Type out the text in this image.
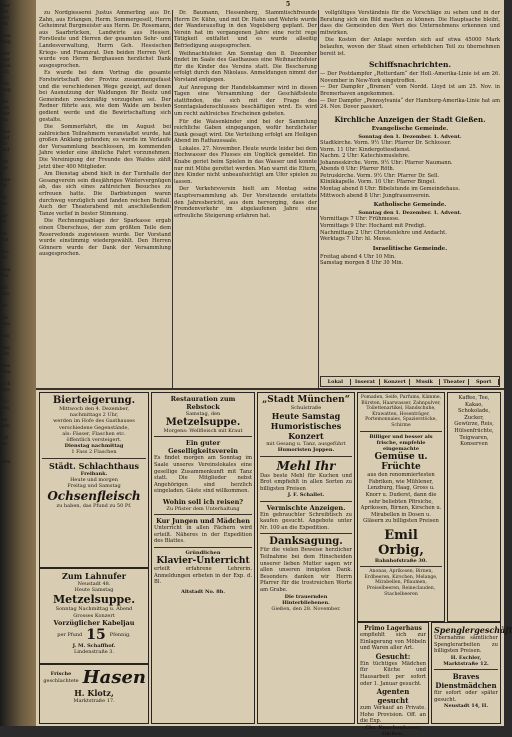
ner
sei
ust
lhl

nen
mig

der
ber
ühe
ich

ine
ung

Be-
hm
ohr
nn

bes
ind
al-
ind

eit
ge

che
ilt

In
ra

ar-
in

Di
rin

Ro-
uf-

hen
tte

rd
ibe

ar-

jte
ons

ein

hec
ein

nes
lem

uch
ges

Ui-
ien

ve
ern

igt
er-

-
den
5

zu Nordgiesserei Justus Ammerling aus Dr. Zahn, aus Erlangen, Herm. Sommergesell, Herrn Geheimrat Burgmeister aus Herm. Dr. Rosemann, aus Saarbrücken, Landwirte aus Hessen, Forstleute und Herren der gesamten Sehr- und Landesverwaltung, Herrn Geh. Hessischen Kriegs- und Finanzrat. Den beiden Herren Verf. wurde von Herrn Berghausen herzlichst Dank ausgesprochen.

Es wurde bei dem Vortrag die gesamte Forstwirtschaft der Provinz zusammengefasst und die verschiedenen Wege gezeigt, auf denen bei Ausnutzung der Waldungen für Besitz und Gemeinden zweckmäßig vorzugehen sei. Der Redner führte aus, wie dem Walde am besten gedient werde und die Bewirtschaftung sich gestalte.

Die Sommerfahrt, die im August bei zahlreichen Teilnehmern veranstaltet wurde, hat großen Anklang gefunden; es wurde im Verlaufe der Versammlung beschlossen, im kommenden Jahre wieder eine ähnliche Fahrt vorzunehmen. Die Vereinigung der Freunde des Waldes zählt jetzt über 400 Mitglieder.

Am Dienstag abend hielt in der Turnhalle der Gesangverein sein diesjähriges Wintervergnügen ab, das sich eines zahlreichen Besuches zu erfreuen hatte. Die Darbietungen waren durchweg vorzüglich und fanden reichen Beifall. Auch der Theaterabend mit anschließendem Tanze verlief in bester Stimmung.

Die Rechnungsablage der Sparkasse ergab einen Überschuss, der zum größten Teile dem Reservefonds zugewiesen wurde. Der Vorstand wurde einstimmig wiedergewählt. Den Herren Gönnern wurde der Dank der Versammlung ausgesprochen.

Dr. Baumann, Hessenberg, Stammtischfreunde Herrn Dr. Kühn, und mit Dr. Hahn und Wehrle wurde der Wanderausflug in den Vogelsberg geplant. Der Verein hat im vergangenen Jahre eine recht rege Tätigkeit entfaltet und es wurde allseitig Befriedigung ausgesprochen.

Weihnachtsfeier. Am Sonntag den 8. Dezember findet im Saale des Gasthauses eine Weihnachtsfeier für die Kinder des Vereins statt. Die Bescherung erfolgt durch den Nikolaus. Anmeldungen nimmt der Vorstand entgegen.

Auf Anregung der Handelskammer wird in diesen Tagen eine Versammlung der Geschäftsleute stattfinden, die sich mit der Frage des Sonntagsladenschlusses beschäftigen wird. Es wird um recht zahlreiches Erscheinen gebeten.

Für die Waisenkinder sind bei der Sammlung reichliche Gaben eingegangen, wofür herzlichster Dank gesagt wird. Die Verteilung erfolgt am Heiligen Abend im Rathaussaale.

Lokales. 27. November. Heute wurde leider bei dem Hochwasser des Flusses ein Unglück gemeldet. Ein Knabe geriet beim Spielen in das Wasser und konnte nur mit Mühe gerettet werden. Man warnt die Eltern, ihre Kinder nicht unbeaufsichtigt am Ufer spielen zu lassen.

Der Verkehrsverein hielt am Montag seine Hauptversammlung ab. Der Vorsitzende erstattete den Jahresbericht, aus dem hervorging, dass der Fremdenverkehr im abgelaufenen Jahre eine erfreuliche Steigerung erfahren hat.

vollgültiges Verständnis für die Vorschläge zu sehen und in der Beratung sich ein Bild machen zu können. Die Hauptsache bleibt, dass die Gemeinden den Wert des Unternehmens erkennen und mitwirken.

Die Kosten der Anlage werden sich auf etwa 45000 Mark belaufen, wovon der Staat einen erheblichen Teil zu übernehmen bereit ist.

Schiffsnachrichten.
— Der Postdampfer „Rotterdam“ der Holl.-Amerika-Linie ist am 26. November in New-York eingetroffen.
— Der Dampfer „Bremen“ vom Nordd. Lloyd ist am 25. Nov. in Bremerhaven angekommen.
— Der Dampfer „Pennsylvania“ der Hamburg-Amerika-Linie hat am 24. Nov. Dover passiert.
Kirchliche Anzeigen der Stadt Gießen.
Evangelische Gemeinde.
Sonntag den 1. Dezember. 1. Advent.
Stadtkirche. Vorm. 9½ Uhr: Pfarrer Dr. Schlosser.
Vorm. 11 Uhr: Kindergottesdienst.
Nachm. 2 Uhr: Katechismuslehre.
Johanneskirche. Vorm. 9½ Uhr: Pfarrer Naumann.
Abends 6 Uhr: Pfarrer Röth.
Petruskirche. Vorm. 9½ Uhr: Pfarrer Dr. Sell.
Klinikkapelle. Vorm. 10 Uhr: Pfarrer Bingel.
Montag abend 8 Uhr: Bibelstunde im Gemeindehaus.
Mittwoch abend 8 Uhr: Jungfrauenverein.
Katholische Gemeinde.
Sonntag den 1. Dezember. 1. Advent.
Vormittags 7 Uhr: Frühmesse.
Vormittags 9 Uhr: Hochamt mit Predigt.
Nachmittags 2 Uhr: Christenlehre und Andacht.
Werktags 7 Uhr: hl. Messe.
Israelitische Gemeinde.
Freitag abend 4 Uhr 10 Min.
Samstag morgen 8 Uhr 30 Min.
Lokal	Inserat	Konzert	Musik	Theater	Sport
Bierteigerung.
Mittwoch den 4. Dezember,
nachmittags 2 Uhr,
werden im Hofe des Gasthauses
verschiedene Gegenstände,
als: Fässer, Flaschen etc.
öffentlich versteigert.
Dienstag nachmittag
1 Fass 2 Flaschen
Städt. Schlachthaus
Freibank.
Heute und morgen
Freitag und Samstag
Ochsenfleisch
zu haben, das Pfund zu 50 Pf.
Zum Lahnufer
Neustadt 48.
Heute Samstag
Metzelsuppe.
Sonntag Nachmittag u. Abend
Grosses Konzert
Vorzüglicher Kabeljau
per Pfund 15 Pfennig.
J. M. Schaffhof.
Lindenstraße 3.
Frische
geschlachtete Hasen
H. Klotz,
Marktstraße 17.
Restauration zum Rebstock
Samstag, den
Metzelsuppe.
Morgens: Wellfleisch mit Kraut
Ein guter Geselligkeitsverein
Es findet morgen am Sonntag im Saale unseres Vereinslokales eine gesellige Zusammenkunft mit Tanz statt. Die Mitglieder nebst Angehörigen sind herzlich eingeladen. Gäste sind willkommen.
Wohin soll ich reisen?
Zu Pfister dem Unterhaltung
Kur Jungen und Mädchen
Unterricht in allen Fächern wird erteilt. Näheres in der Expedition des Blattes.
Gründlichen
Klavier-Unterricht
erteilt erfahrene Lehrerin. Anmeldungen erbeten in der Exp. d. Bl.
Altstadt No. 8b.
„Stadt München“
Schulstraße
Heute Samstag
Humoristisches Konzert
mit Gesang u. Tanz, ausgeführt
Humoristen Joppen.
Mehl Ihr
Das beste Mehl für Kuchen und Brot empfiehlt in allen Sorten zu billigsten Preisen
J. F. Schallet.
Vermischte Anzeigen.
Ein gebrauchter Schreibtisch zu kaufen gesucht. Angebote unter Nr. 100 an die Expedition.
Danksagung.
Für die vielen Beweise herzlicher Teilnahme bei dem Hinscheiden unserer lieben Mutter sagen wir allen unseren innigsten Dank. Besonders danken wir Herrn Pfarrer für die trostreichen Worte am Grabe.
Die trauernden Hinterbliebenen.
Gießen, den 28. November.
Pomaden, Seife, Parfums, Kämme, Bürsten, Haarwasser, Zahnpulver, Toilettenartikel, Handschuhe, Krawatten, Hosenträger, Portemonnaies, Spazierstöcke, Schirme
Billiger und besser als frische, empfehle eingemachte
Gemüse u. Früchte
aus den renommiertesten Fabriken, wie Mühlener, Lenzburg, Haag, Gross u. Knorr u. Duderst, dann die sehr beliebten Pfirsiche, Aprikosen, Birnen, Kirschen u. Mirabellen in Dosen u. Gläsern zu billigsten Preisen
Emil Orbig,
Bahnhofstraße 30.
Anonas, Aprikosen, Birnen, Erdbeeren, Kirschen, Melange, Mirabellen, Pflaumen, Preiselbeeren, Reineclauden, Stachelbeeren
Kaffee, Tee, Kakao,
Schokolade, Zucker,
Gewürze, Reis,
Hülsenfrüchte,
Teigwaren, Konserven
Primo Lagerhaus
empfiehlt sich zur Einlagerung von Möbeln und Waren aller Art.
Gesucht:
Ein tüchtiges Mädchen für Küche und Hausarbeit per sofort oder 1. Januar gesucht.
Agenten gesucht
zum Verkauf an Private. Hohe Provision. Off. an die Exp.
Chr. Knochenhauer, Gießen.
Spenglergeschäft
Übernahme sämtlicher Spenglerarbeiten zu billigsten Preisen.
H. Eschler, Marktstraße 12.
Braves Dienstmädchen
für sofort oder später gesucht.
Neustadt 14, II.
